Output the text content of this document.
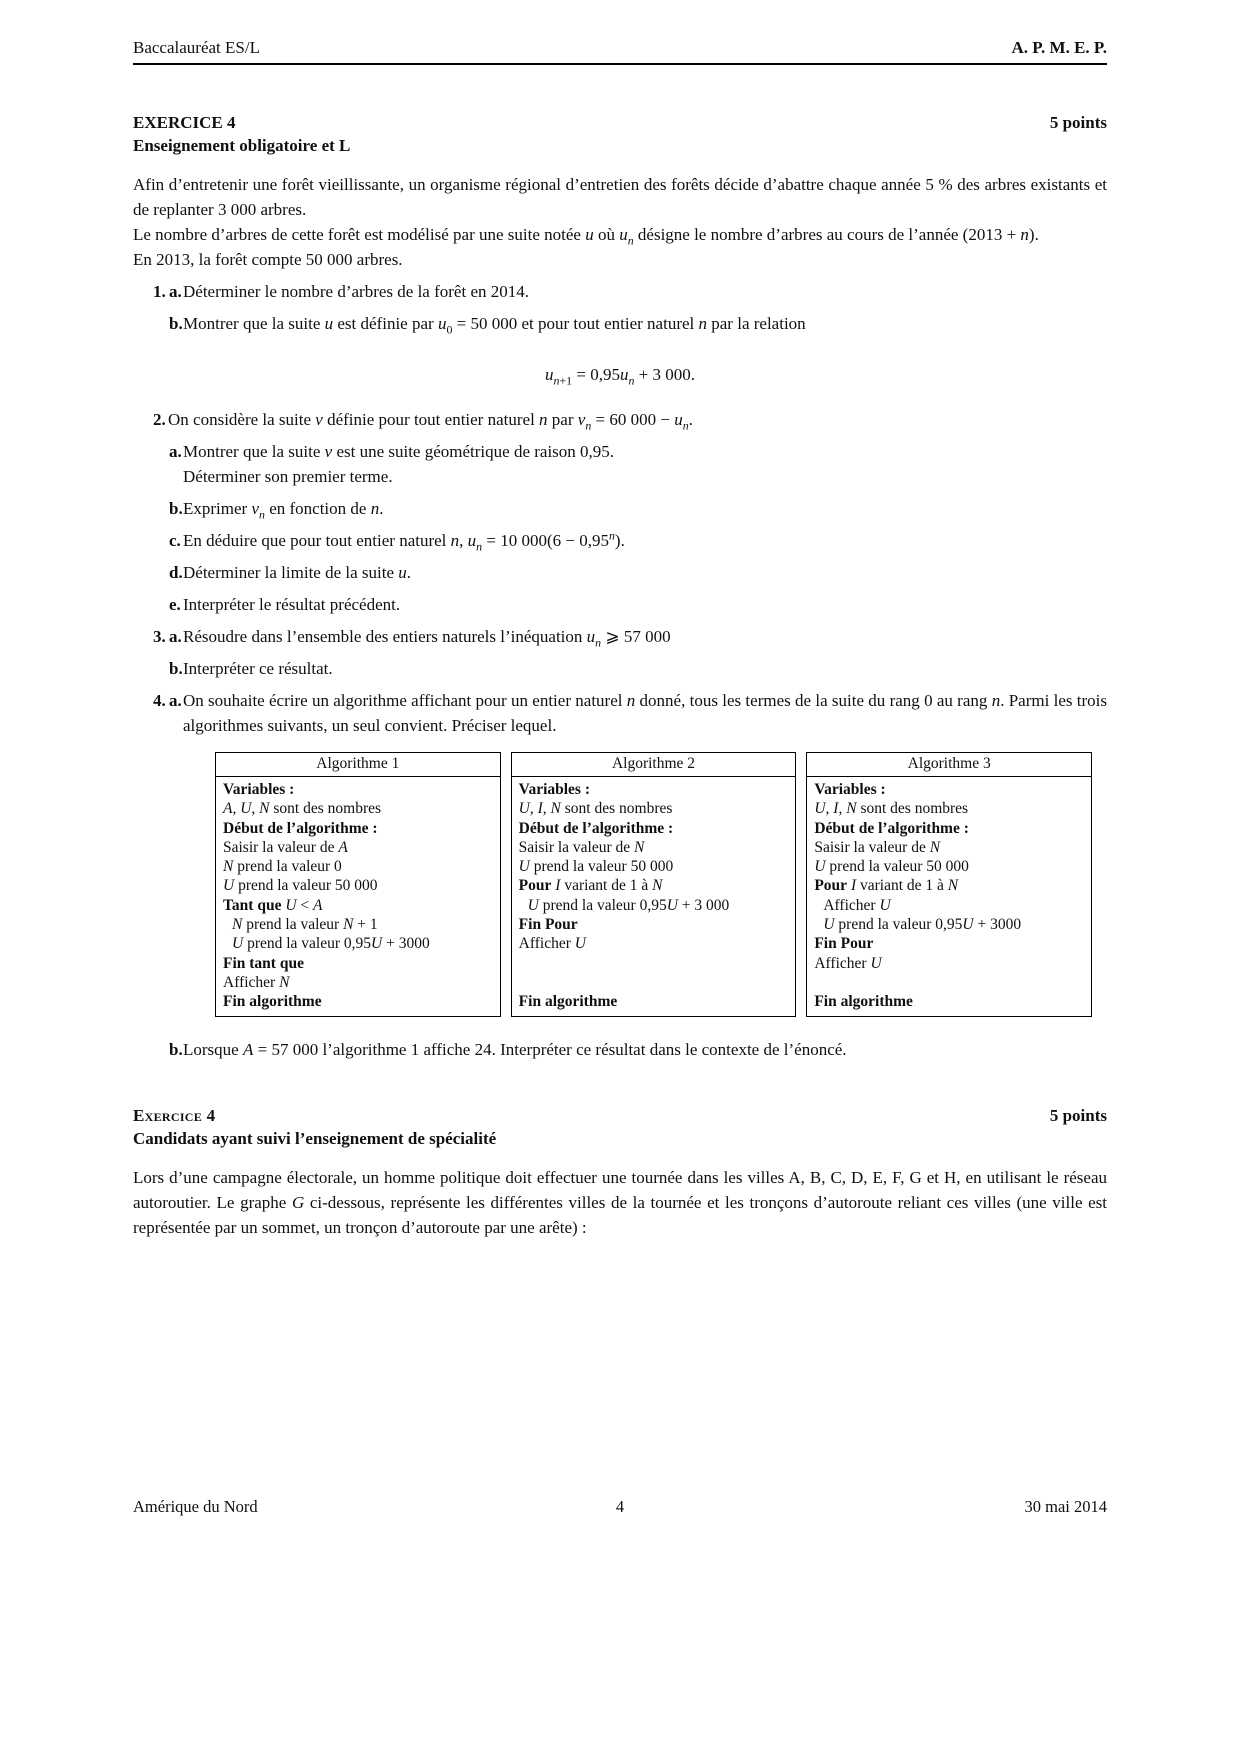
Baccalauréat ES/L	A. P. M. E. P.
EXERCICE 4	5 points
Enseignement obligatoire et L
Afin d’entretenir une forêt vieillissante, un organisme régional d’entretien des forêts décide d’abattre chaque année 5 % des arbres existants et de replanter 3 000 arbres.
Le nombre d’arbres de cette forêt est modélisé par une suite notée u où $u_n$ désigne le nombre d’arbres au cours de l’année (2013 + n).
En 2013, la forêt compte 50 000 arbres.
1. a. Déterminer le nombre d’arbres de la forêt en 2014.
b. Montrer que la suite u est définie par $u_0 = 50$ 000 et pour tout entier naturel n par la relation
$u_{n+1} = 0,95u_n + 3$ 000.
2. On considère la suite v définie pour tout entier naturel n par $v_n = 60$ $000 - u_n$.
a. Montrer que la suite v est une suite géométrique de raison 0,95.
Déterminer son premier terme.
b. Exprimer $v_n$ en fonction de n.
c. En déduire que pour tout entier naturel n, $u_n = 10$ $000(6 - 0,95^n)$.
d. Déterminer la limite de la suite u.
e. Interpréter le résultat précédent.
3. a. Résoudre dans l’ensemble des entiers naturels l’inéquation $u_n$ ⩾ 57 000
b. Interpréter ce résultat.
4. a. On souhaite écrire un algorithme affichant pour un entier naturel n donné, tous les termes de la suite du rang 0 au rang n. Parmi les trois algorithmes suivants, un seul convient. Préciser lequel.
Algorithme 1
Variables :
A, U, N sont des nombres
Début de l’algorithme :
Saisir la valeur de A
N prend la valeur 0
U prend la valeur 50 000
Tant que U < A
N prend la valeur N + 1
U prend la valeur 0,95U + 3000
Fin tant que
Afficher N
Fin algorithme
Algorithme 2
Variables :
U, I, N sont des nombres
Début de l’algorithme :
Saisir la valeur de N
U prend la valeur 50 000
Pour I variant de 1 à N
U prend la valeur 0,95U + 3 000
Fin Pour
Afficher U

Fin algorithme
Algorithme 3
Variables :
U, I, N sont des nombres
Début de l’algorithme :
Saisir la valeur de N
U prend la valeur 50 000
Pour I variant de 1 à N
Afficher U
U prend la valeur 0,95U + 3000
Fin Pour
Afficher U

Fin algorithme
b. Lorsque A = 57 000 l’algorithme 1 affiche 24. Interpréter ce résultat dans le contexte de l’énoncé.
Exercice 4	5 points
Candidats ayant suivi l’enseignement de spécialité
Lors d’une campagne électorale, un homme politique doit effectuer une tournée dans les villes A, B, C, D, E, F, G et H, en utilisant le réseau autoroutier. Le graphe G ci-dessous, représente les différentes villes de la tournée et les tronçons d’autoroute reliant ces villes (une ville est représentée par un sommet, un tronçon d’autoroute par une arête) :
Amérique du Nord	4	30 mai 2014
